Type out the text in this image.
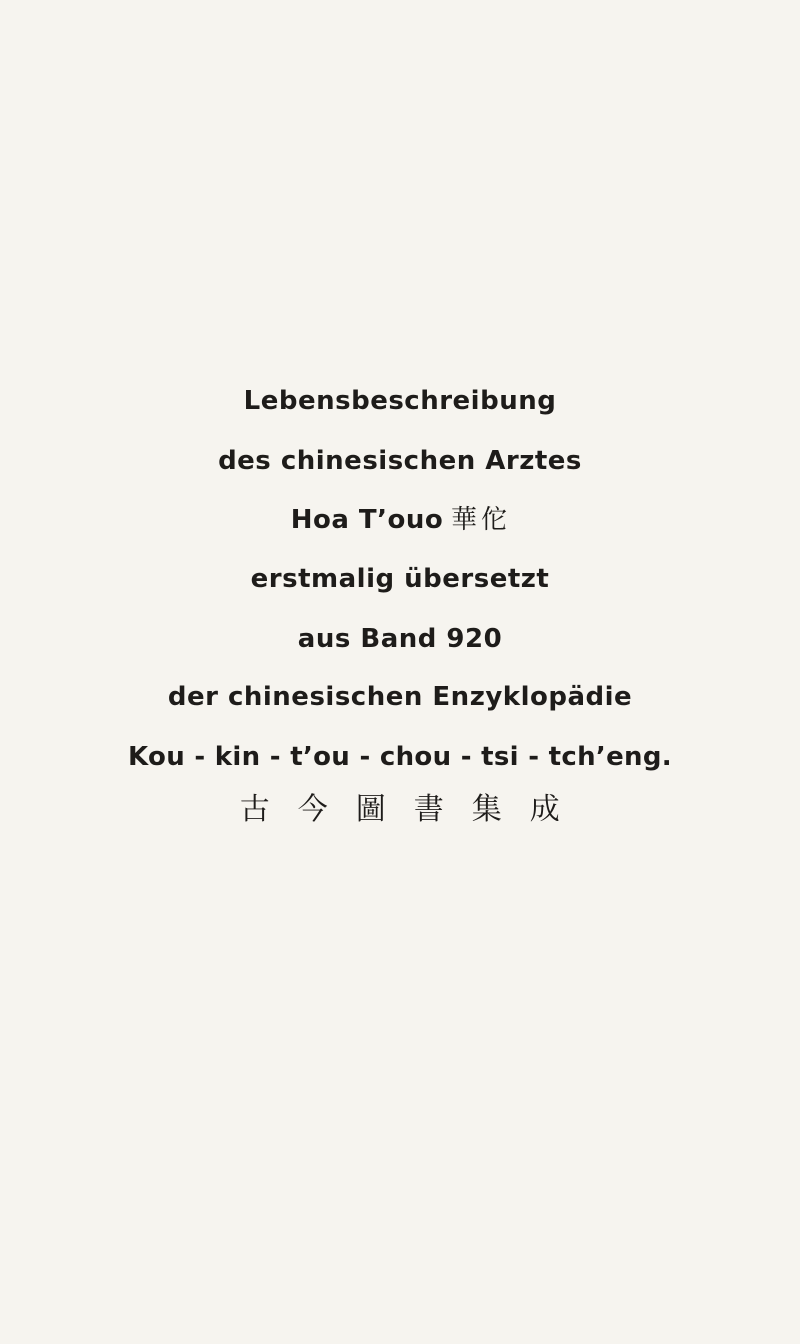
Lebensbeschreibung
des chinesischen Arztes
Hoa T’ouo 華 佗
erstmalig übersetzt
aus Band 920
der chinesischen Enzyklopädie
Kou - kin - t’ou - chou - tsi - tch’eng.
古 今 圖 書 集 成
